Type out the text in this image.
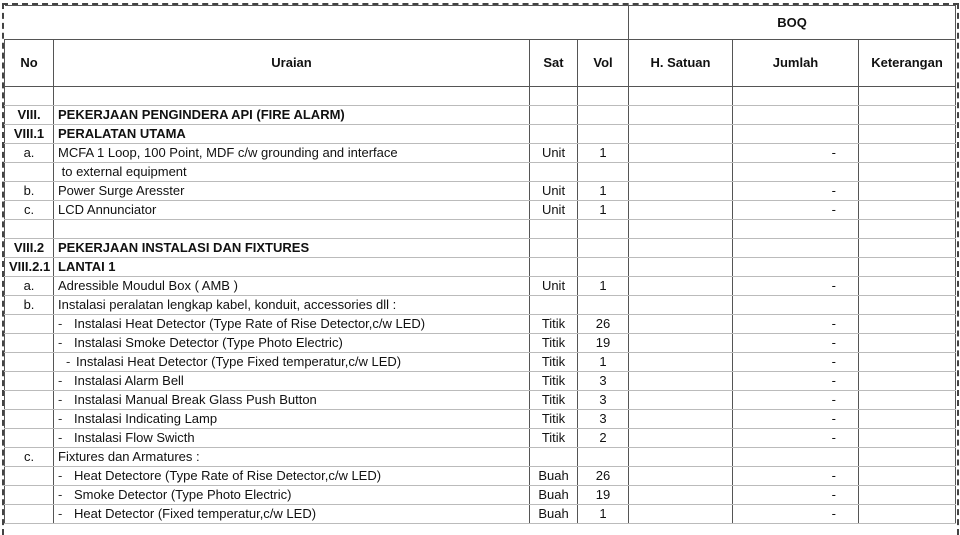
				BOQ		
No	Uraian	Sat	Vol	H. Satuan	Jumlah	Keterangan

VIII.	PEKERJAAN PENGINDERA API (FIRE ALARM)					
VIII.1	PERALATAN UTAMA					
a.	MCFA 1 Loop, 100 Point, MDF c/w grounding and interface	Unit	1		-	
	to external equipment					
b.	Power Surge Aresster	Unit	1		-	
c.	LCD Annunciator	Unit	1		-	

VIII.2	PEKERJAAN INSTALASI DAN FIXTURES					
VIII.2.1	LANTAI 1					
a.	Adressible Moudul Box ( AMB )	Unit	1		-	
b.	Instalasi peralatan lengkap kabel, konduit, accessories dll :					
	- Instalasi Heat Detector (Type Rate of Rise Detector,c/w LED)	Titik	26		-	
	- Instalasi Smoke Detector (Type Photo Electric)	Titik	19		-	
	- Instalasi Heat Detector (Type Fixed temperatur,c/w LED)	Titik	1		-	
	- Instalasi Alarm Bell	Titik	3		-	
	- Instalasi Manual Break Glass Push Button	Titik	3		-	
	- Instalasi Indicating Lamp	Titik	3		-	
	- Instalasi Flow Swicth	Titik	2		-	
c.	Fixtures dan Armatures :					
	- Heat Detectore (Type Rate of Rise Detector,c/w LED)	Buah	26		-	
	- Smoke Detector (Type Photo Electric)	Buah	19		-	
	- Heat Detector (Fixed temperatur,c/w LED)	Buah	1		-	
